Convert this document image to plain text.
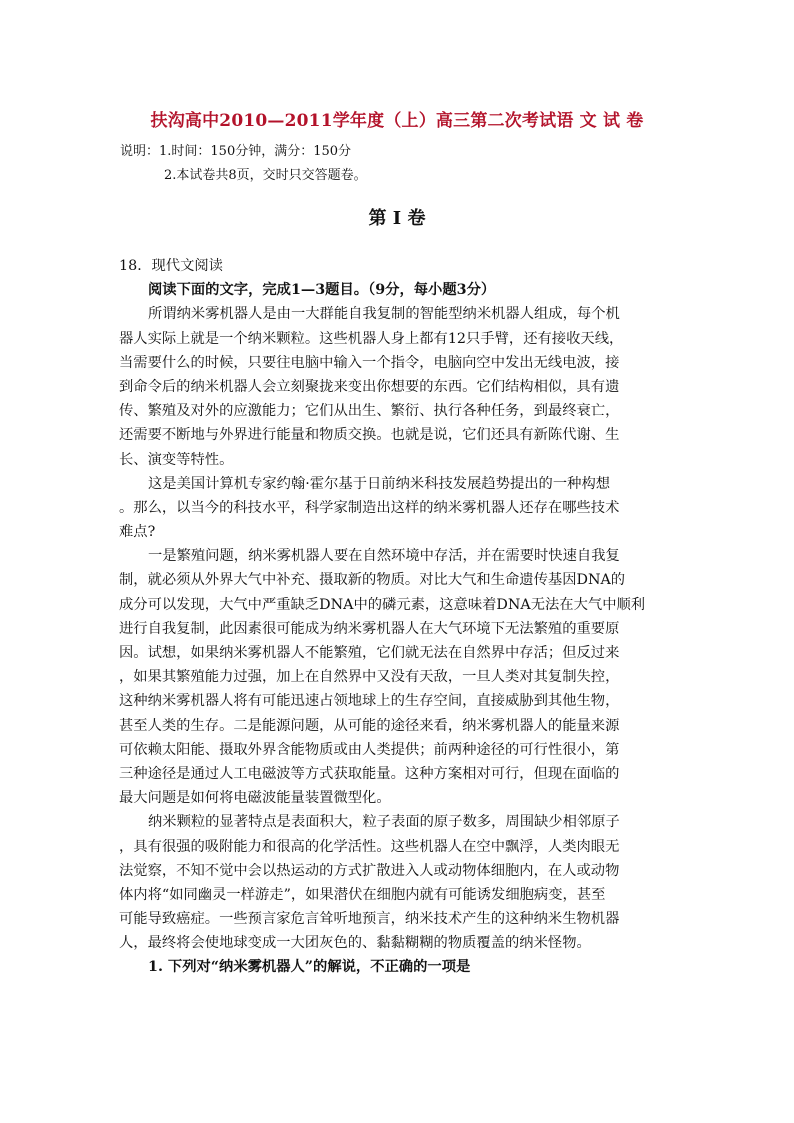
扶沟高中2010—2011学年度（上）高三第二次考试语 文 试 卷
说明：1.时间：150分钟，满分：150分
2.本试卷共8页，交时只交答题卷。
第 I 卷
18．现代文阅读
阅读下面的文字，完成1—3题目。（9分，每小题3分）
所谓纳米雾机器人是由一大群能自我复制的智能型纳米机器人组成，每个机
器人实际上就是一个纳米颗粒。这些机器人身上都有12只手臂，还有接收天线，
当需要什么的时候，只要往电脑中输入一个指令，电脑向空中发出无线电波，接
到命令后的纳米机器人会立刻聚拢来变出你想要的东西。它们结构相似，具有遗
传、繁殖及对外的应激能力；它们从出生、繁衍、执行各种任务，到最终衰亡，
还需要不断地与外界进行能量和物质交换。也就是说，它们还具有新陈代谢、生
长、演变等特性。
这是美国计算机专家约翰·霍尔基于日前纳米科技发展趋势提出的一种构想
。那么，以当今的科技水平，科学家制造出这样的纳米雾机器人还存在哪些技术
难点?
一是繁殖问题，纳米雾机器人要在自然环境中存活，并在需要时快速自我复
制，就必须从外界大气中补充、摄取新的物质。对比大气和生命遗传基因DNA的
成分可以发现，大气中严重缺乏DNA中的磷元素，这意味着DNA无法在大气中顺利
进行自我复制，此因素很可能成为纳米雾机器人在大气环境下无法繁殖的重要原
因。试想，如果纳米雾机器人不能繁殖，它们就无法在自然界中存活；但反过来
，如果其繁殖能力过强，加上在自然界中又没有天敌，一旦人类对其复制失控，
这种纳米雾机器人将有可能迅速占领地球上的生存空间，直接威胁到其他生物，
甚至人类的生存。二是能源问题，从可能的途径来看，纳米雾机器人的能量来源
可依赖太阳能、摄取外界含能物质或由人类提供；前两种途径的可行性很小，第
三种途径是通过人工电磁波等方式获取能量。这种方案相对可行，但现在面临的
最大问题是如何将电磁波能量装置微型化。
纳米颗粒的显著特点是表面积大，粒子表面的原子数多，周围缺少相邻原子
，具有很强的吸附能力和很高的化学活性。这些机器人在空中飘浮，人类肉眼无
法觉察，不知不觉中会以热运动的方式扩散进入人或动物体细胞内，在人或动物
体内将“如同幽灵一样游走”，如果潜伏在细胞内就有可能诱发细胞病变，甚至
可能导致癌症。一些预言家危言耸听地预言，纳米技术产生的这种纳米生物机器
人，最终将会使地球变成一大团灰色的、黏黏糊糊的物质覆盖的纳米怪物。
1. 下列对“纳米雾机器人”的解说，不正确的一项是
